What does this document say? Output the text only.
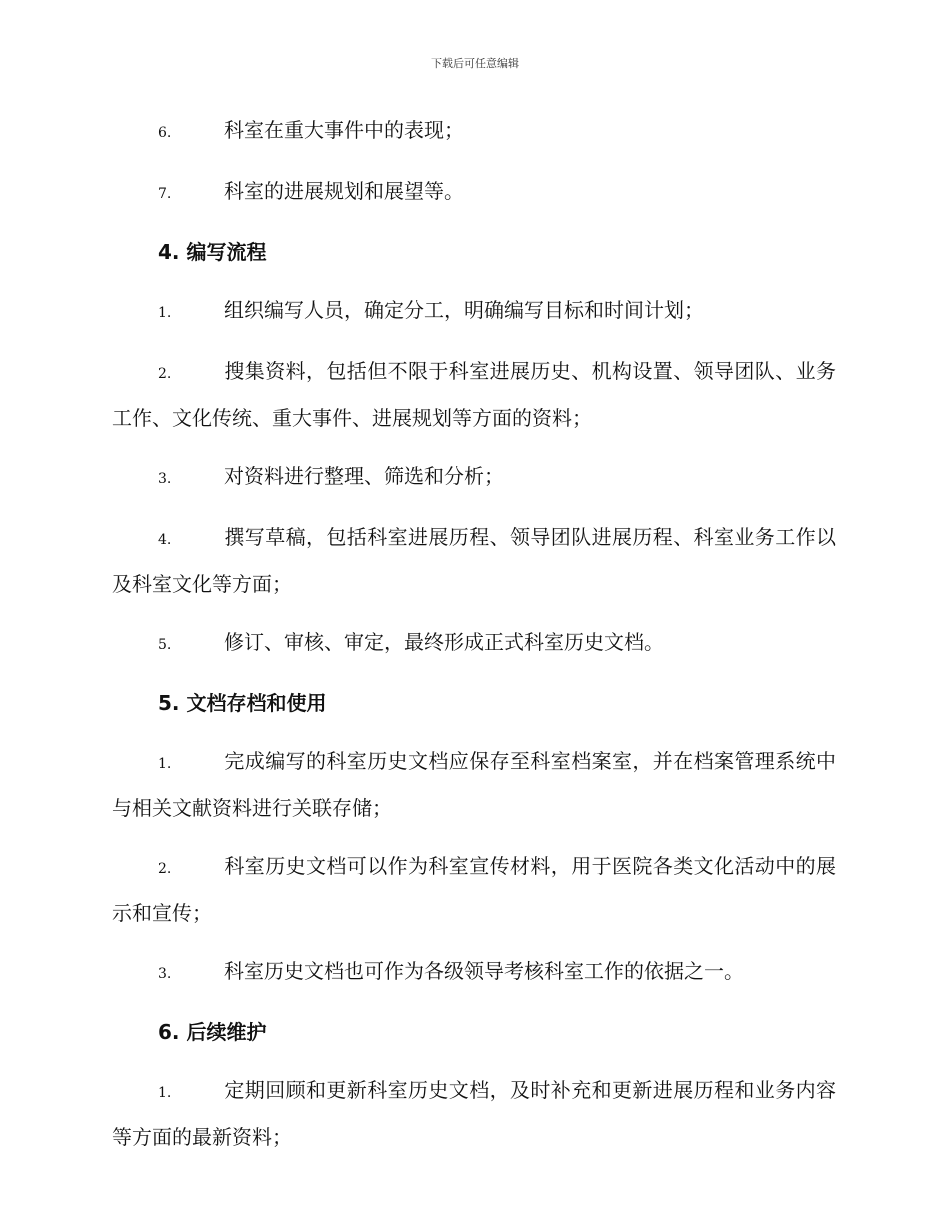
下载后可任意编辑

6.	科室在重大事件中的表现；

7.	科室的进展规划和展望等。

4. 编写流程

1.	组织编写人员，确定分工，明确编写目标和时间计划；

2.	搜集资料，包括但不限于科室进展历史、机构设置、领导团队、业务工作、文化传统、重大事件、进展规划等方面的资料；

3.	对资料进行整理、筛选和分析；

4.	撰写草稿，包括科室进展历程、领导团队进展历程、科室业务工作以及科室文化等方面；

5.	修订、审核、审定，最终形成正式科室历史文档。

5. 文档存档和使用

1.	完成编写的科室历史文档应保存至科室档案室，并在档案管理系统中与相关文献资料进行关联存储；

2.	科室历史文档可以作为科室宣传材料，用于医院各类文化活动中的展示和宣传；

3.	科室历史文档也可作为各级领导考核科室工作的依据之一。

6. 后续维护

1.	定期回顾和更新科室历史文档，及时补充和更新进展历程和业务内容等方面的最新资料；
